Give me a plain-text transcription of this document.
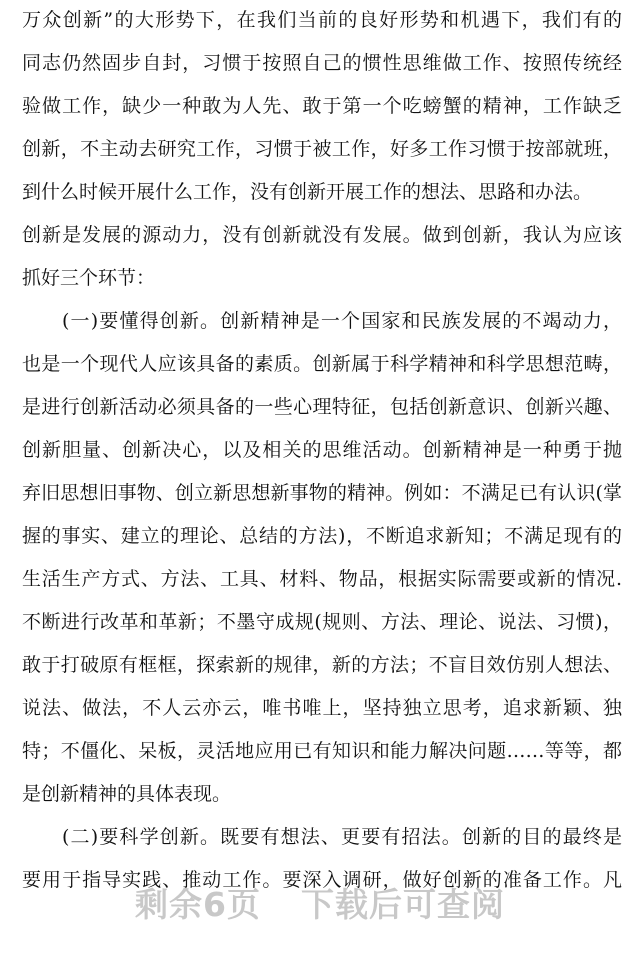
万众创新”的大形势下，在我们当前的良好形势和机遇下，我们有的
同志仍然固步自封，习惯于按照自己的惯性思维做工作、按照传统经
验做工作，缺少一种敢为人先、敢于第一个吃螃蟹的精神，工作缺乏
创新，不主动去研究工作，习惯于被工作，好多工作习惯于按部就班，
到什么时候开展什么工作，没有创新开展工作的想法、思路和办法。
创新是发展的源动力，没有创新就没有发展。做到创新，我认为应该
抓好三个环节：
(一)要懂得创新。创新精神是一个国家和民族发展的不竭动力，
也是一个现代人应该具备的素质。创新属于科学精神和科学思想范畴，
是进行创新活动必须具备的一些心理特征，包括创新意识、创新兴趣、
创新胆量、创新决心，以及相关的思维活动。创新精神是一种勇于抛
弃旧思想旧事物、创立新思想新事物的精神。例如：不满足已有认识(掌
握的事实、建立的理论、总结的方法)，不断追求新知；不满足现有的
生活生产方式、方法、工具、材料、物品，根据实际需要或新的情况.
不断进行改革和革新；不墨守成规(规则、方法、理论、说法、习惯)，
敢于打破原有框框，探索新的规律，新的方法；不盲目效仿别人想法、
说法、做法，不人云亦云，唯书唯上，坚持独立思考，追求新颖、独
特；不僵化、呆板，灵活地应用已有知识和能力解决问题……等等，都
是创新精神的具体表现。
(二)要科学创新。既要有想法、更要有招法。创新的目的最终是
要用于指导实践、推动工作。要深入调研，做好创新的准备工作。凡
剩余6页 下载后可查阅
